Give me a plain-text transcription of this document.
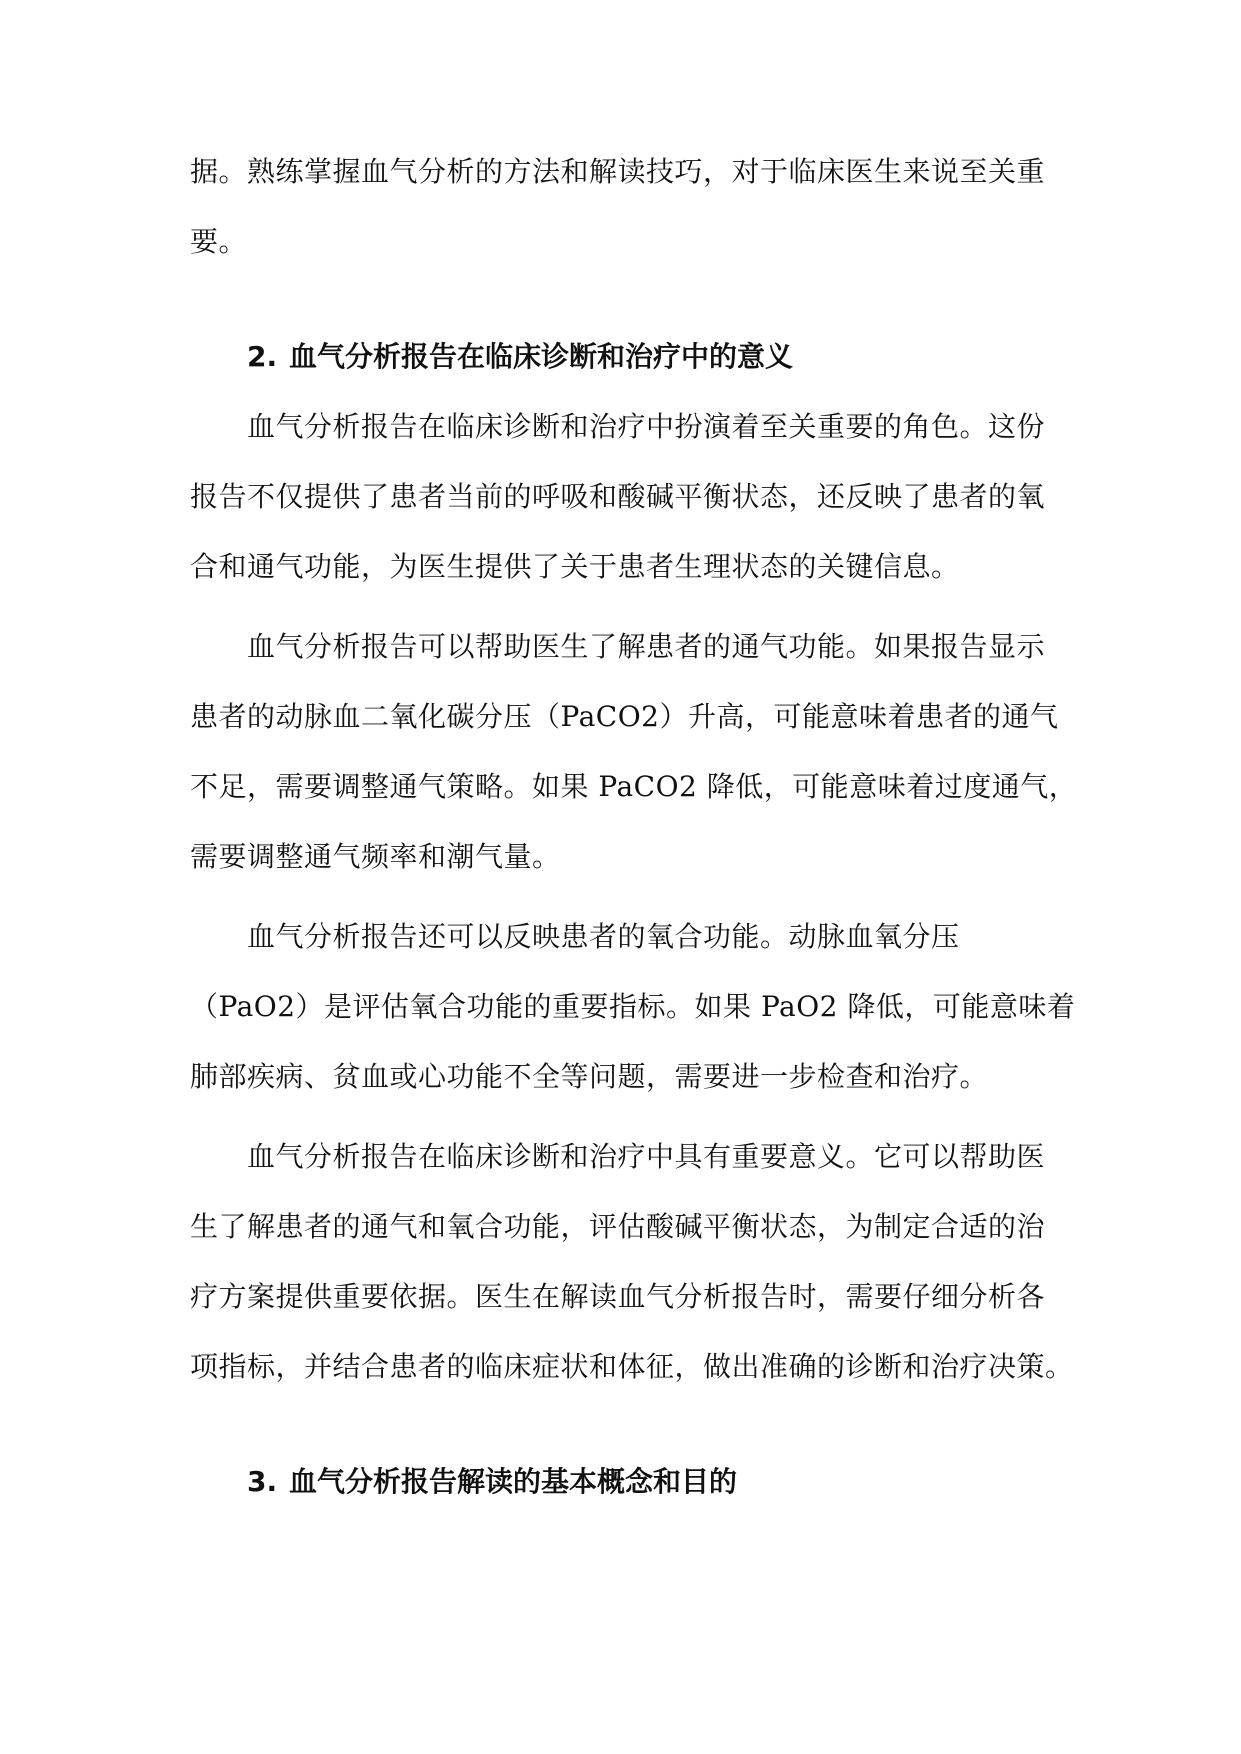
据。熟练掌握血气分析的方法和解读技巧，对于临床医生来说至关重
要。
2. 血气分析报告在临床诊断和治疗中的意义
血气分析报告在临床诊断和治疗中扮演着至关重要的角色。这份
报告不仅提供了患者当前的呼吸和酸碱平衡状态，还反映了患者的氧
合和通气功能，为医生提供了关于患者生理状态的关键信息。
血气分析报告可以帮助医生了解患者的通气功能。如果报告显示
患者的动脉血二氧化碳分压（PaCO2）升高，可能意味着患者的通气
不足，需要调整通气策略。如果 PaCO2 降低，可能意味着过度通气，
需要调整通气频率和潮气量。
血气分析报告还可以反映患者的氧合功能。动脉血氧分压
（PaO2）是评估氧合功能的重要指标。如果 PaO2 降低，可能意味着
肺部疾病、贫血或心功能不全等问题，需要进一步检查和治疗。
血气分析报告在临床诊断和治疗中具有重要意义。它可以帮助医
生了解患者的通气和氧合功能，评估酸碱平衡状态，为制定合适的治
疗方案提供重要依据。医生在解读血气分析报告时，需要仔细分析各
项指标，并结合患者的临床症状和体征，做出准确的诊断和治疗决策。
3. 血气分析报告解读的基本概念和目的
